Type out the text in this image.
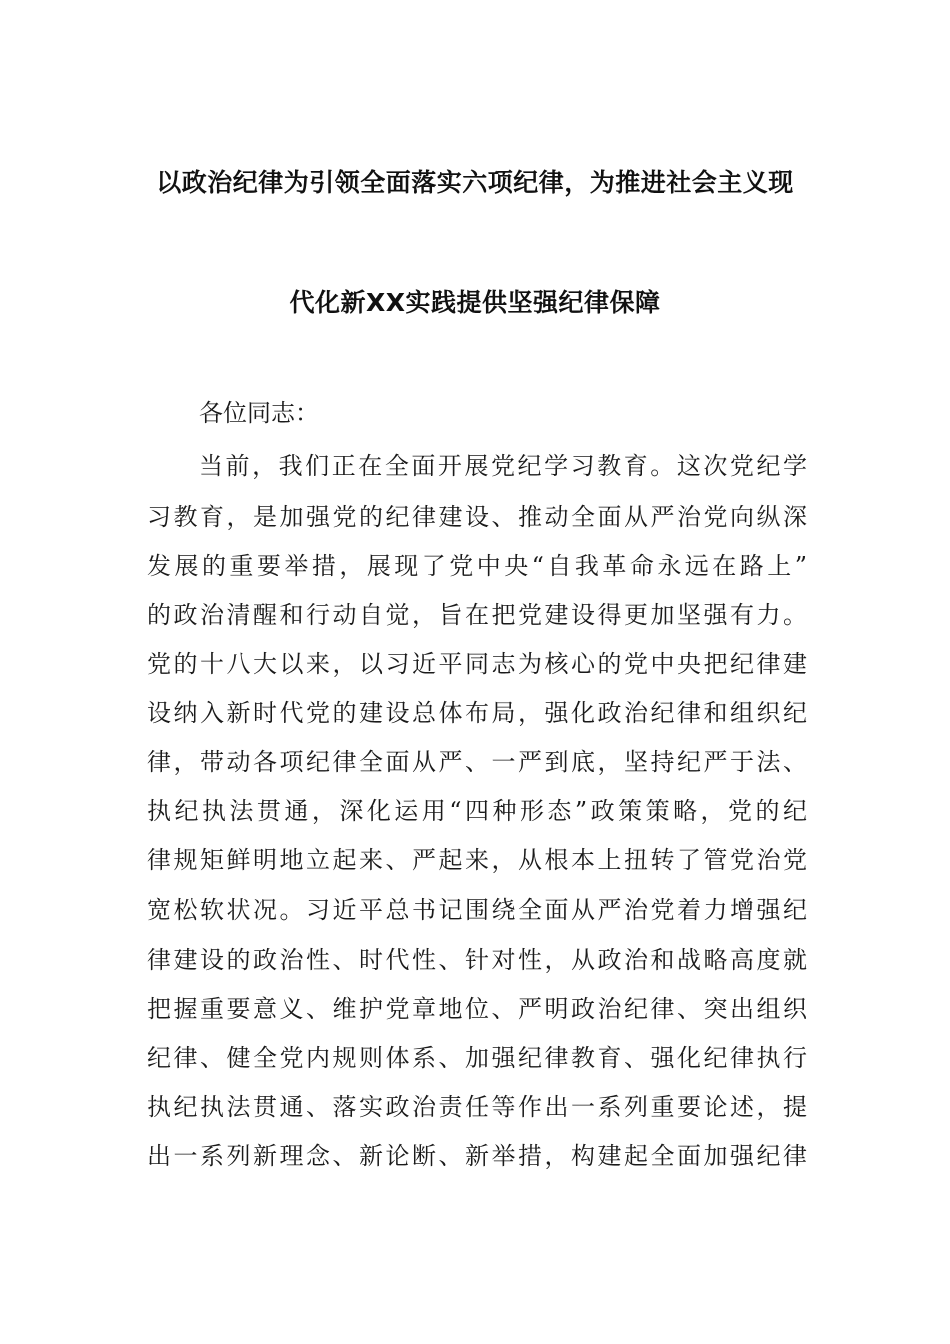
以政治纪律为引领全面落实六项纪律，为推进社会主义现
代化新XX实践提供坚强纪律保障
各位同志：
当前，我们正在全面开展党纪学习教育。这次党纪学
习教育，是加强党的纪律建设、推动全面从严治党向纵深
发展的重要举措，展现了党中央“自我革命永远在路上”
的政治清醒和行动自觉，旨在把党建设得更加坚强有力。
党的十八大以来，以习近平同志为核心的党中央把纪律建
设纳入新时代党的建设总体布局，强化政治纪律和组织纪
律，带动各项纪律全面从严、一严到底，坚持纪严于法、
执纪执法贯通，深化运用“四种形态”政策策略，党的纪
律规矩鲜明地立起来、严起来，从根本上扭转了管党治党
宽松软状况。习近平总书记围绕全面从严治党着力增强纪
律建设的政治性、时代性、针对性，从政治和战略高度就
把握重要意义、维护党章地位、严明政治纪律、突出组织
纪律、健全党内规则体系、加强纪律教育、强化纪律执行
执纪执法贯通、落实政治责任等作出一系列重要论述，提
出一系列新理念、新论断、新举措，构建起全面加强纪律
